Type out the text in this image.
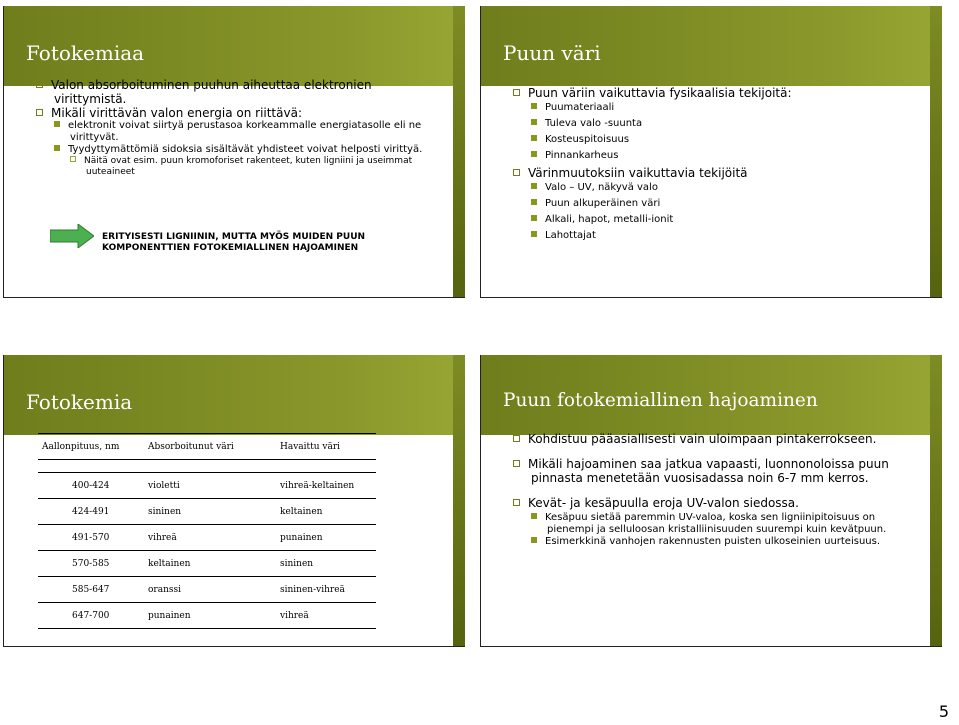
Fotokemiaa
Valon absorboituminen puuhun aiheuttaa elektronien virittymistä.
Mikäli virittävän valon energia on riittävä:
elektronit voivat siirtyä perustasoa korkeammalle energiatasolle eli ne virittyvät.
Tyydyttymättömiä sidoksia sisältävät yhdisteet voivat helposti virittyä.
Näitä ovat esim. puun kromoforiset rakenteet, kuten ligniini ja useimmat uuteaineet
ERITYISESTI LIGNIININ, MUTTA MYÖS MUIDEN PUUN KOMPONENTTIEN FOTOKEMIALLINEN HAJOAMINEN
Puun väri
Puun väriin vaikuttavia fysikaalisia tekijoitä:
Puumateriaali
Tuleva valo -suunta
Kosteuspitoisuus
Pinnankarheus
Värinmuutoksiin vaikuttavia tekijöitä
Valo – UV, näkyvä valo
Puun alkuperäinen väri
Alkali, hapot, metalli-ionit
Lahottajat
Fotokemia
Aallonpituus, nm	Absorboitunut väri	Havaittu väri

400-424	violetti	vihreä-keltainen
424-491	sininen	keltainen
491-570	vihreä	punainen
570-585	keltainen	sininen
585-647	oranssi	sininen-vihreä
647-700	punainen	vihreä
Puun fotokemiallinen hajoaminen
Kohdistuu pääasiallisesti vain uloimpaan pintakerrokseen.
Mikäli hajoaminen saa jatkua vapaasti, luonnonoloissa puun pinnasta menetetään vuosisadassa noin 6-7 mm kerros.
Kevät- ja kesäpuulla eroja UV-valon siedossa.
Kesäpuu sietää paremmin UV-valoa, koska sen ligniinipitoisuus on pienempi ja selluloosan kristalliinisuuden suurempi kuin kevätpuun.
Esimerkkinä vanhojen rakennusten puisten ulkoseinien uurteisuus.
5
